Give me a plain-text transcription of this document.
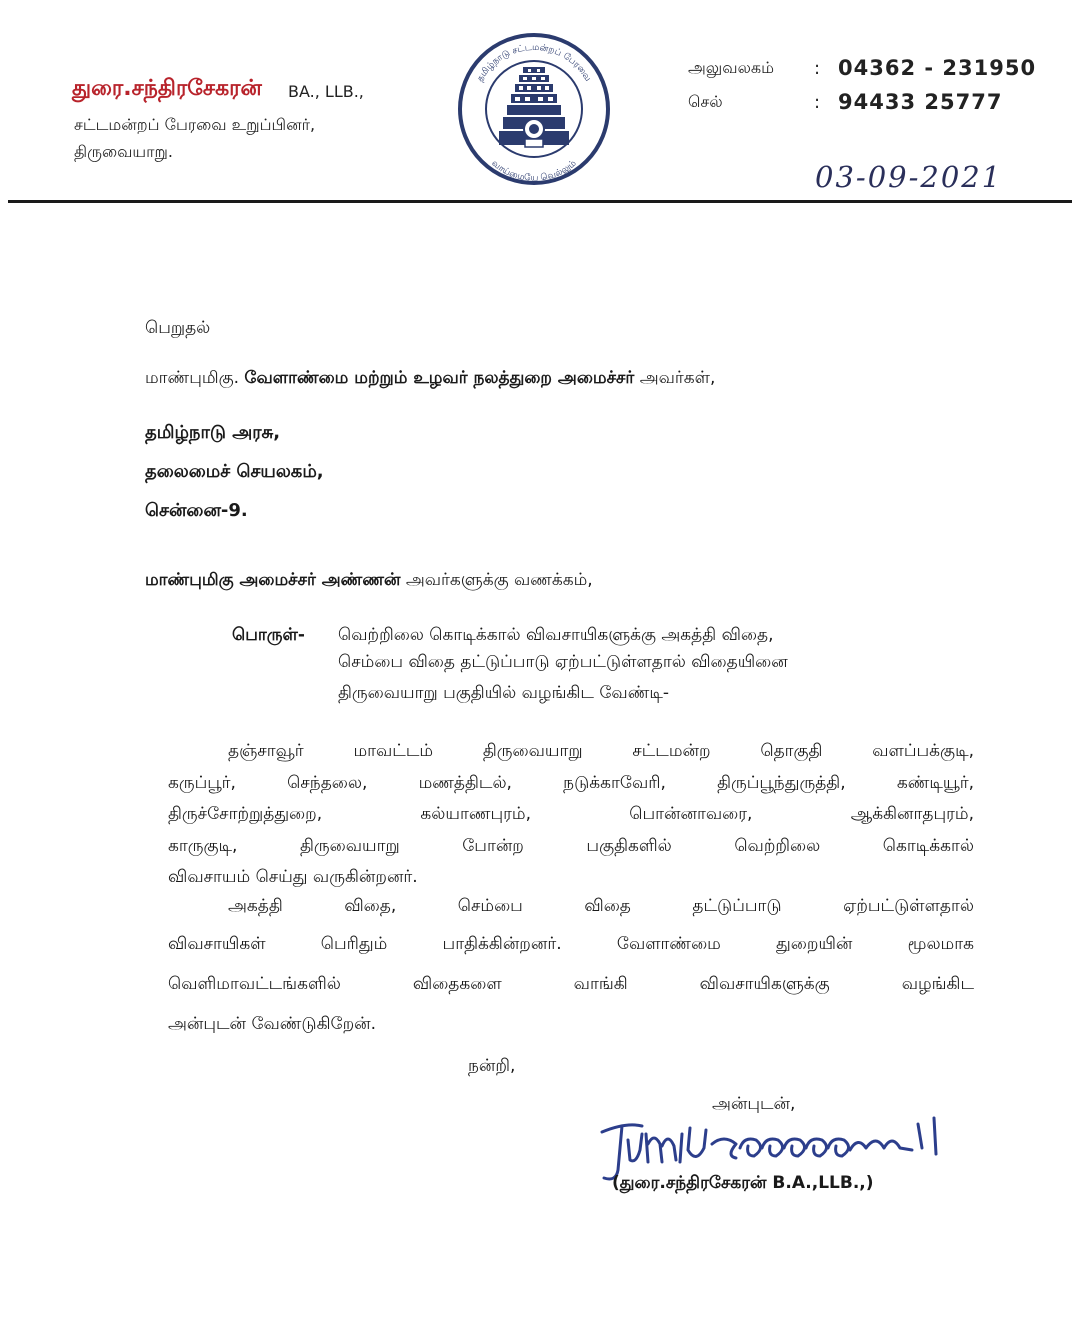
துரை.சந்திரசேகரன் BA., LLB.,
சட்டமன்றப் பேரவை உறுப்பினர்,
திருவையாறு.
தமிழ்நாடு சட்டமன்றப் பேரவை
வாய்மையே வெல்லும்
அலுவலகம்	: 04362 - 231950
செல்	: 94433 25777
03-09-2021
பெறுதல்
மாண்புமிகு. வேளாண்மை மற்றும் உழவர் நலத்துறை அமைச்சர் அவர்கள்,
தமிழ்நாடு அரசு,
தலைமைச் செயலகம்,
சென்னை-9.
மாண்புமிகு அமைச்சர் அண்ணன் அவர்களுக்கு வணக்கம்,
பொருள்- வெற்றிலை கொடிக்கால் விவசாயிகளுக்கு அகத்தி விதை,
செம்பை விதை தட்டுப்பாடு ஏற்பட்டுள்ளதால் விதையினை
திருவையாறு பகுதியில் வழங்கிட வேண்டி-
தஞ்சாவூர் மாவட்டம் திருவையாறு சட்டமன்ற தொகுதி வளப்பக்குடி,
கருப்பூர், செந்தலை, மணத்திடல், நடுக்காவேரி, திருப்பூந்துருத்தி, கண்டியூர்,
திருச்சோற்றுத்துறை, கல்யாணபுரம், பொன்னாவரை, ஆக்கினாதபுரம்,
காருகுடி, திருவையாறு போன்ற பகுதிகளில் வெற்றிலை கொடிக்கால்
விவசாயம் செய்து வருகின்றனர்.
அகத்தி விதை, செம்பை விதை தட்டுப்பாடு ஏற்பட்டுள்ளதால்
விவசாயிகள் பெரிதும் பாதிக்கின்றனர். வேளாண்மை துறையின் மூலமாக
வெளிமாவட்டங்களில் விதைகளை வாங்கி விவசாயிகளுக்கு வழங்கிட
அன்புடன் வேண்டுகிறேன்.
நன்றி,
அன்புடன்,
(துரை.சந்திரசேகரன் B.A.,LLB.,)
